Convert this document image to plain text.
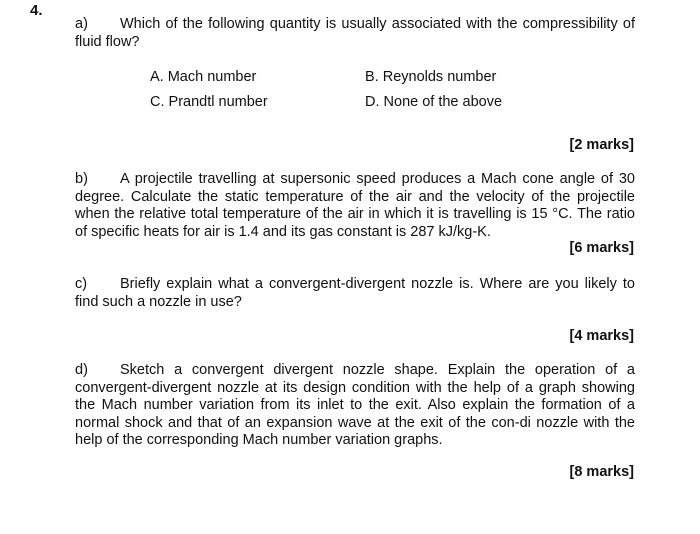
4.
a) Which of the following quantity is usually associated with the compressibility of fluid flow?
A. Mach number	B. Reynolds number
C. Prandtl number	D. None of the above
[2 marks]
b) A projectile travelling at supersonic speed produces a Mach cone angle of 30 degree. Calculate the static temperature of the air and the velocity of the projectile when the relative total temperature of the air in which it is travelling is 15 °C. The ratio of specific heats for air is 1.4 and its gas constant is 287 kJ/kg-K.
[6 marks]
c) Briefly explain what a convergent-divergent nozzle is. Where are you likely to find such a nozzle in use?
[4 marks]
d) Sketch a convergent divergent nozzle shape. Explain the operation of a convergent-divergent nozzle at its design condition with the help of a graph showing the Mach number variation from its inlet to the exit. Also explain the formation of a normal shock and that of an expansion wave at the exit of the con-di nozzle with the help of the corresponding Mach number variation graphs.
[8 marks]
